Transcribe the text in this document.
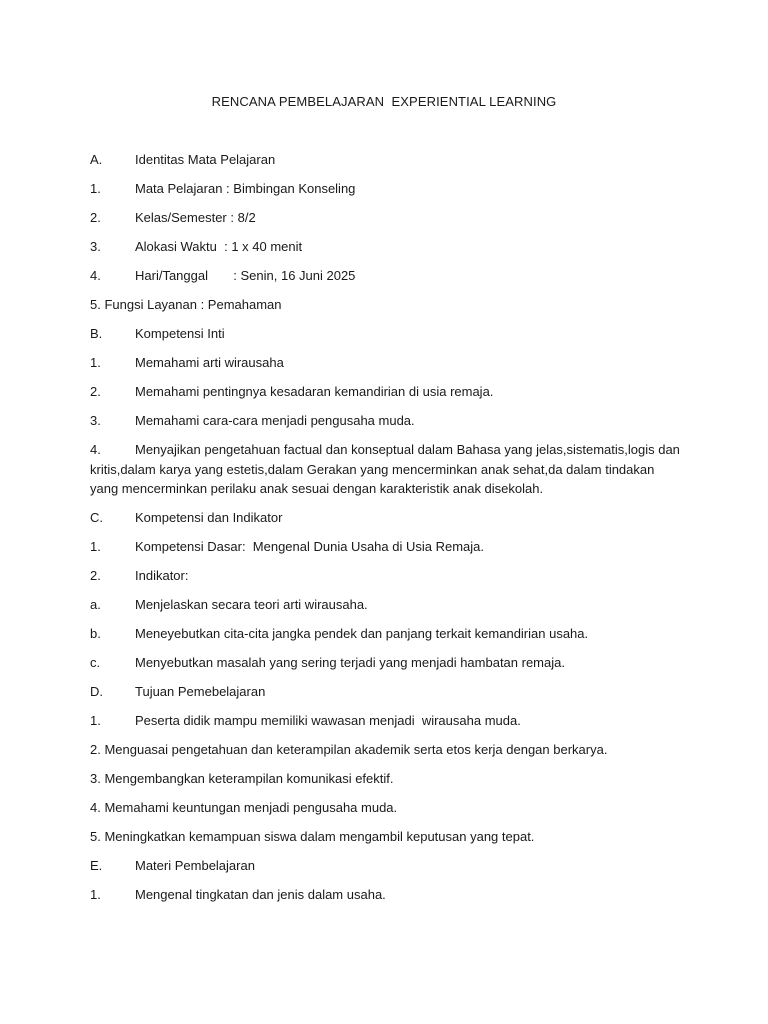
RENCANA PEMBELAJARAN  EXPERIENTIAL LEARNING
A.	Identitas Mata Pelajaran
1.	Mata Pelajaran : Bimbingan Konseling
2.	Kelas/Semester : 8/2
3.	Alokasi Waktu  : 1 x 40 menit
4.	Hari/Tanggal       : Senin, 16 Juni 2025
5. Fungsi Layanan : Pemahaman
B.	Kompetensi Inti
1.	Memahami arti wirausaha
2.	Memahami pentingnya kesadaran kemandirian di usia remaja.
3.	Memahami cara-cara menjadi pengusaha muda.
4.	Menyajikan pengetahuan factual dan konseptual dalam Bahasa yang jelas,sistematis,logis dan kritis,dalam karya yang estetis,dalam Gerakan yang mencerminkan anak sehat,da dalam tindakan yang mencerminkan perilaku anak sesuai dengan karakteristik anak disekolah.
C. Kompetensi dan Indikator
1.	Kompetensi Dasar:  Mengenal Dunia Usaha di Usia Remaja.
2.	Indikator:
a.	Menjelaskan secara teori arti wirausaha.
b.	Meneyebutkan cita-cita jangka pendek dan panjang terkait kemandirian usaha.
c.	Menyebutkan masalah yang sering terjadi yang menjadi hambatan remaja.
D. Tujuan Pemebelajaran
1.	Peserta didik mampu memiliki wawasan menjadi  wirausaha muda.
2. Menguasai pengetahuan dan keterampilan akademik serta etos kerja dengan berkarya.
3. Mengembangkan keterampilan komunikasi efektif.
4. Memahami keuntungan menjadi pengusaha muda.
5. Meningkatkan kemampuan siswa dalam mengambil keputusan yang tepat.
E.	Materi Pembelajaran
1.	Mengenal tingkatan dan jenis dalam usaha.
